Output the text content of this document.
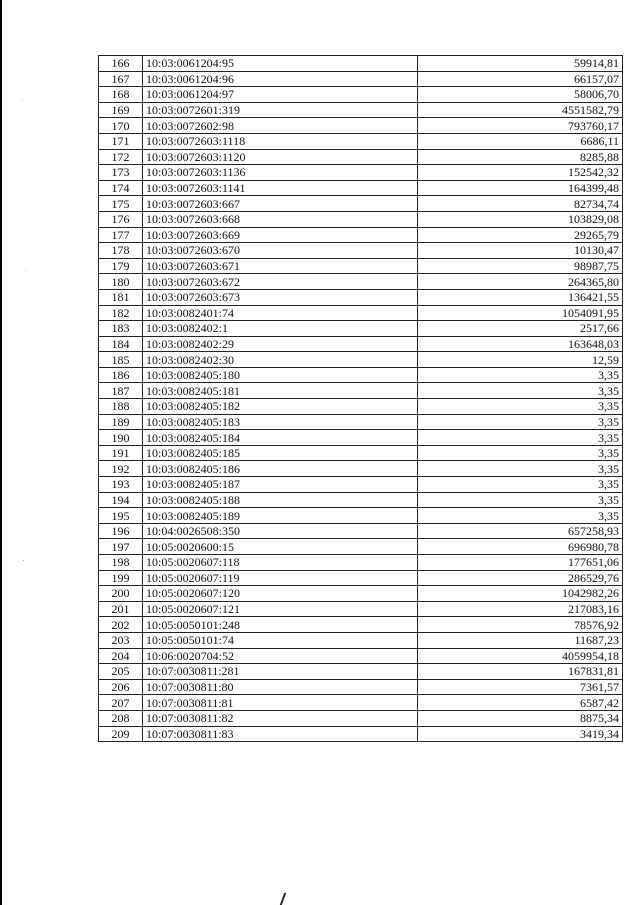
166	10:03:0061204:95	59914,81
167	10:03:0061204:96	66157,07
168	10:03:0061204:97	58006,70
169	10:03:0072601:319	4551582,79
170	10:03:0072602:98	793760,17
171	10:03:0072603:1118	6686,11
172	10:03:0072603:1120	8285,88
173	10:03:0072603:1136	152542,32
174	10:03:0072603:1141	164399,48
175	10:03:0072603:667	82734,74
176	10:03:0072603:668	103829,08
177	10:03:0072603:669	29265,79
178	10:03:0072603:670	10130,47
179	10:03:0072603:671	98987,75
180	10:03:0072603:672	264365,80
181	10:03:0072603:673	136421,55
182	10:03:0082401:74	1054091,95
183	10:03:0082402:1	2517,66
184	10:03:0082402:29	163648,03
185	10:03:0082402:30	12,59
186	10:03:0082405:180	3,35
187	10:03:0082405:181	3,35
188	10:03:0082405:182	3,35
189	10:03:0082405:183	3,35
190	10:03:0082405:184	3,35
191	10:03:0082405:185	3,35
192	10:03:0082405:186	3,35
193	10:03:0082405:187	3,35
194	10:03:0082405:188	3,35
195	10:03:0082405:189	3,35
196	10:04:0026508:350	657258,93
197	10:05:0020600:15	696980,78
198	10:05:0020607:118	177651,06
199	10:05:0020607:119	286529,76
200	10:05:0020607:120	1042982,26
201	10:05:0020607:121	217083,16
202	10:05:0050101:248	78576,92
203	10:05:0050101:74	11687,23
204	10:06:0020704:52	4059954,18
205	10:07:0030811:281	167831,81
206	10:07:0030811:80	7361,57
207	10:07:0030811:81	6587,42
208	10:07:0030811:82	8875,34
209	10:07:0030811:83	3419,34
